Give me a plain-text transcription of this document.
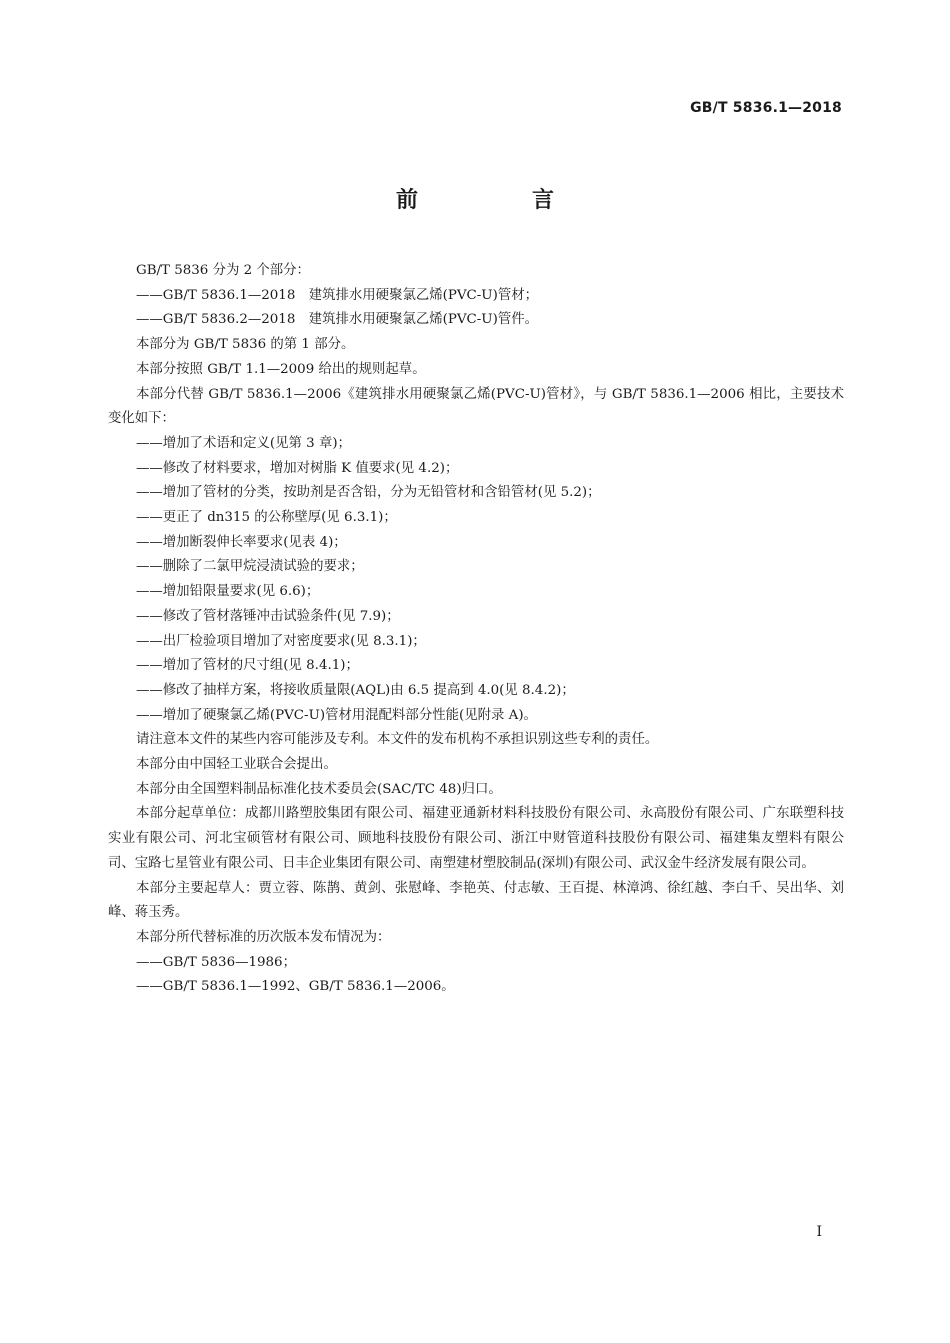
GB/T 5836.1—2018
前　言

GB/T 5836 分为 2 个部分：

——GB/T 5836.1—2018　建筑排水用硬聚氯乙烯(PVC-U)管材；

——GB/T 5836.2—2018　建筑排水用硬聚氯乙烯(PVC-U)管件。

本部分为 GB/T 5836 的第 1 部分。

本部分按照 GB/T 1.1—2009 给出的规则起草。

本部分代替 GB/T 5836.1—2006《建筑排水用硬聚氯乙烯(PVC-U)管材》，与 GB/T 5836.1—2006 相比，主要技术变化如下：

——增加了术语和定义(见第 3 章)；

——修改了材料要求，增加对树脂 K 值要求(见 4.2)；

——增加了管材的分类，按助剂是否含铅，分为无铅管材和含铅管材(见 5.2)；

——更正了 dn315 的公称壁厚(见 6.3.1)；

——增加断裂伸长率要求(见表 4)；

——删除了二氯甲烷浸渍试验的要求；

——增加铅限量要求(见 6.6)；

——修改了管材落锤冲击试验条件(见 7.9)；

——出厂检验项目增加了对密度要求(见 8.3.1)；

——增加了管材的尺寸组(见 8.4.1)；

——修改了抽样方案，将接收质量限(AQL)由 6.5 提高到 4.0(见 8.4.2)；

——增加了硬聚氯乙烯(PVC-U)管材用混配料部分性能(见附录 A)。

请注意本文件的某些内容可能涉及专利。本文件的发布机构不承担识别这些专利的责任。

本部分由中国轻工业联合会提出。

本部分由全国塑料制品标准化技术委员会(SAC/TC 48)归口。

本部分起草单位：成都川路塑胶集团有限公司、福建亚通新材料科技股份有限公司、永高股份有限公司、广东联塑科技实业有限公司、河北宝硕管材有限公司、顾地科技股份有限公司、浙江中财管道科技股份有限公司、福建集友塑料有限公司、宝路七星管业有限公司、日丰企业集团有限公司、南塑建材塑胶制品(深圳)有限公司、武汉金牛经济发展有限公司。

本部分主要起草人：贾立蓉、陈鹊、黄剑、张慰峰、李艳英、付志敏、王百提、林漳鸿、徐红越、李白千、吴出华、刘峰、蒋玉秀。

本部分所代替标准的历次版本发布情况为：

——GB/T 5836—1986；

——GB/T 5836.1—1992、GB/T 5836.1—2006。

I
